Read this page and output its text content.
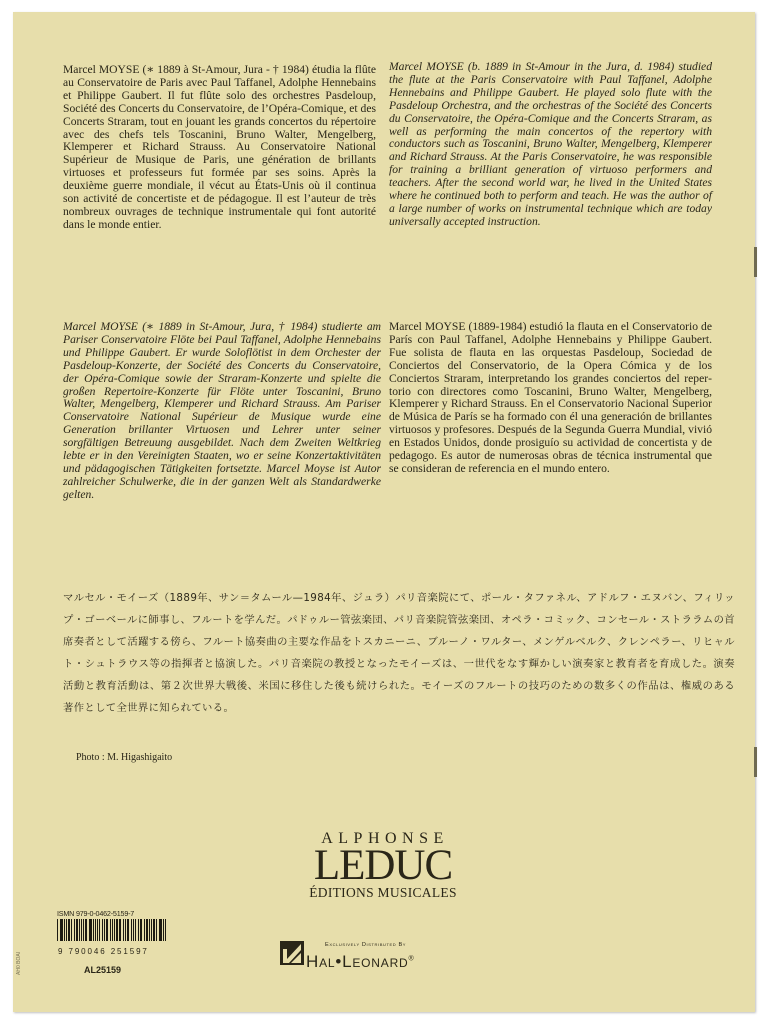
Marcel MOYSE (∗ 1889 à St-Amour, Jura - † 1984) étudia la flûte au Conservatoire de Paris avec Paul Taffanel, Adolphe Hennebains et Philippe Gaubert. Il fut flûte solo des orchestres Pasdeloup, Société des Concerts du Conservatoire, de l’Opéra-Comique, et des Concerts Straram, tout en jouant les grands concertos du répertoire avec des chefs tels Toscanini, Bruno Walter, Mengelberg, Klemperer et Richard Strauss. Au Conservatoire National Supérieur de Musique de Paris, une génération de brillants virtuoses et professeurs fut formée par ses soins. Après la deuxième guerre mondiale, il vécut au États-Unis où il continua son activité de concertiste et de pédagogue. Il est l’auteur de très nombreux ouvrages de technique instrumentale qui font autorité dans le monde entier.
Marcel MOYSE (b. 1889 in St-Amour in the Jura, d. 1984) studied the flute at the Paris Conservatoire with Paul Taffanel, Adolphe Hennebains and Philippe Gaubert. He played solo flute with the Pasdeloup Orchestra, and the orchestras of the Société des Concerts du Conservatoire, the Opéra-Comique and the Concerts Straram, as well as performing the main concertos of the repertory with conductors such as Toscanini, Bruno Walter, Mengelberg, Klemperer and Richard Strauss. At the Paris Conservatoire, he was responsible for training a brilliant generation of virtuoso performers and teachers. After the second world war, he lived in the United States where he continued both to perform and teach. He was the author of a large number of works on instrumental technique which are today universally accepted instruction.
Marcel MOYSE (∗ 1889 in St-Amour, Jura, † 1984) studierte am Pariser Conservatoire Flöte bei Paul Taffanel, Adolphe Hennebains und Philippe Gaubert. Er wurde Soloflötist in dem Orchester der Pasdeloup-Konzerte, der Société des Concerts du Conservatoire, der Opéra-Comique sowie der Straram-Konzerte und spielte die großen Repertoire-Konzerte für Flöte unter Toscanini, Bruno Walter, Mengelberg, Klemperer und Richard Strauss. Am Pariser Conservatoire National Supérieur de Musique wurde eine Generation brillanter Virtuosen und Lehrer unter seiner sorgfältigen Betreuung ausgebildet. Nach dem Zweiten Weltkrieg lebte er in den Vereinigten Staaten, wo er seine Konzertaktivitäten und pädagogischen Tätigkeiten fortsetzte. Marcel Moyse ist Autor zahlreicher Schulwerke, die in der ganzen Welt als Standardwerke gelten.
Marcel MOYSE (1889-1984) estudió la flauta en el Conservatorio de París con Paul Taffanel, Adolphe Hennebains y Philippe Gaubert. Fue solista de flauta en las orquestas Pasdeloup, Sociedad de Conciertos del Conservatorio, de la Opera Cómica y de los Conciertos Straram, interpretando los grandes conciertos del repertorio con directores como Toscanini, Bruno Walter, Mengelberg, Klemperer y Richard Strauss. En el Conservatorio Nacional Superior de Música de París se ha formado con él una generación de brillantes virtuosos y profesores. Después de la Segunda Guerra Mundial, vivió en Estados Unidos, donde prosiguío su actividad de concertista y de pedagogo. Es autor de numerosas obras de técnica instrumental que se consideran de referencia en el mundo entero.
マルセル・モイーズ（1889年、サン＝タムール—1984年、ジュラ）パリ音楽院にて、ポール・タファネル、アドルフ・エヌバン、フィリップ・ゴーベールに師事し、フルートを学んだ。パドゥルー管弦楽団、パリ音楽院管弦楽団、オペラ・コミック、コンセール・ストララムの首席奏者として活躍する傍ら、フルート協奏曲の主要な作品をトスカニーニ、ブルーノ・ワルター、メンゲルベルク、クレンペラー、リヒャルト・シュトラウス等の指揮者と協演した。パリ音楽院の教授となったモイーズは、一世代をなす輝かしい演奏家と教育者を育成した。演奏活動と教育活動は、第２次世界大戦後、米国に移住した後も続けられた。モイーズのフルートの技巧のための数多くの作品は、権威のある著作として全世界に知られている。
Photo : M. Higashigaito
ALPHONSE
LEDUC
ÉDITIONS MUSICALES
ISMN 979-0-0462-5159-7
9 790046 251597
AL25159
Exclusively Distributed By
Hal•Leonard®
AH0 BOAI
